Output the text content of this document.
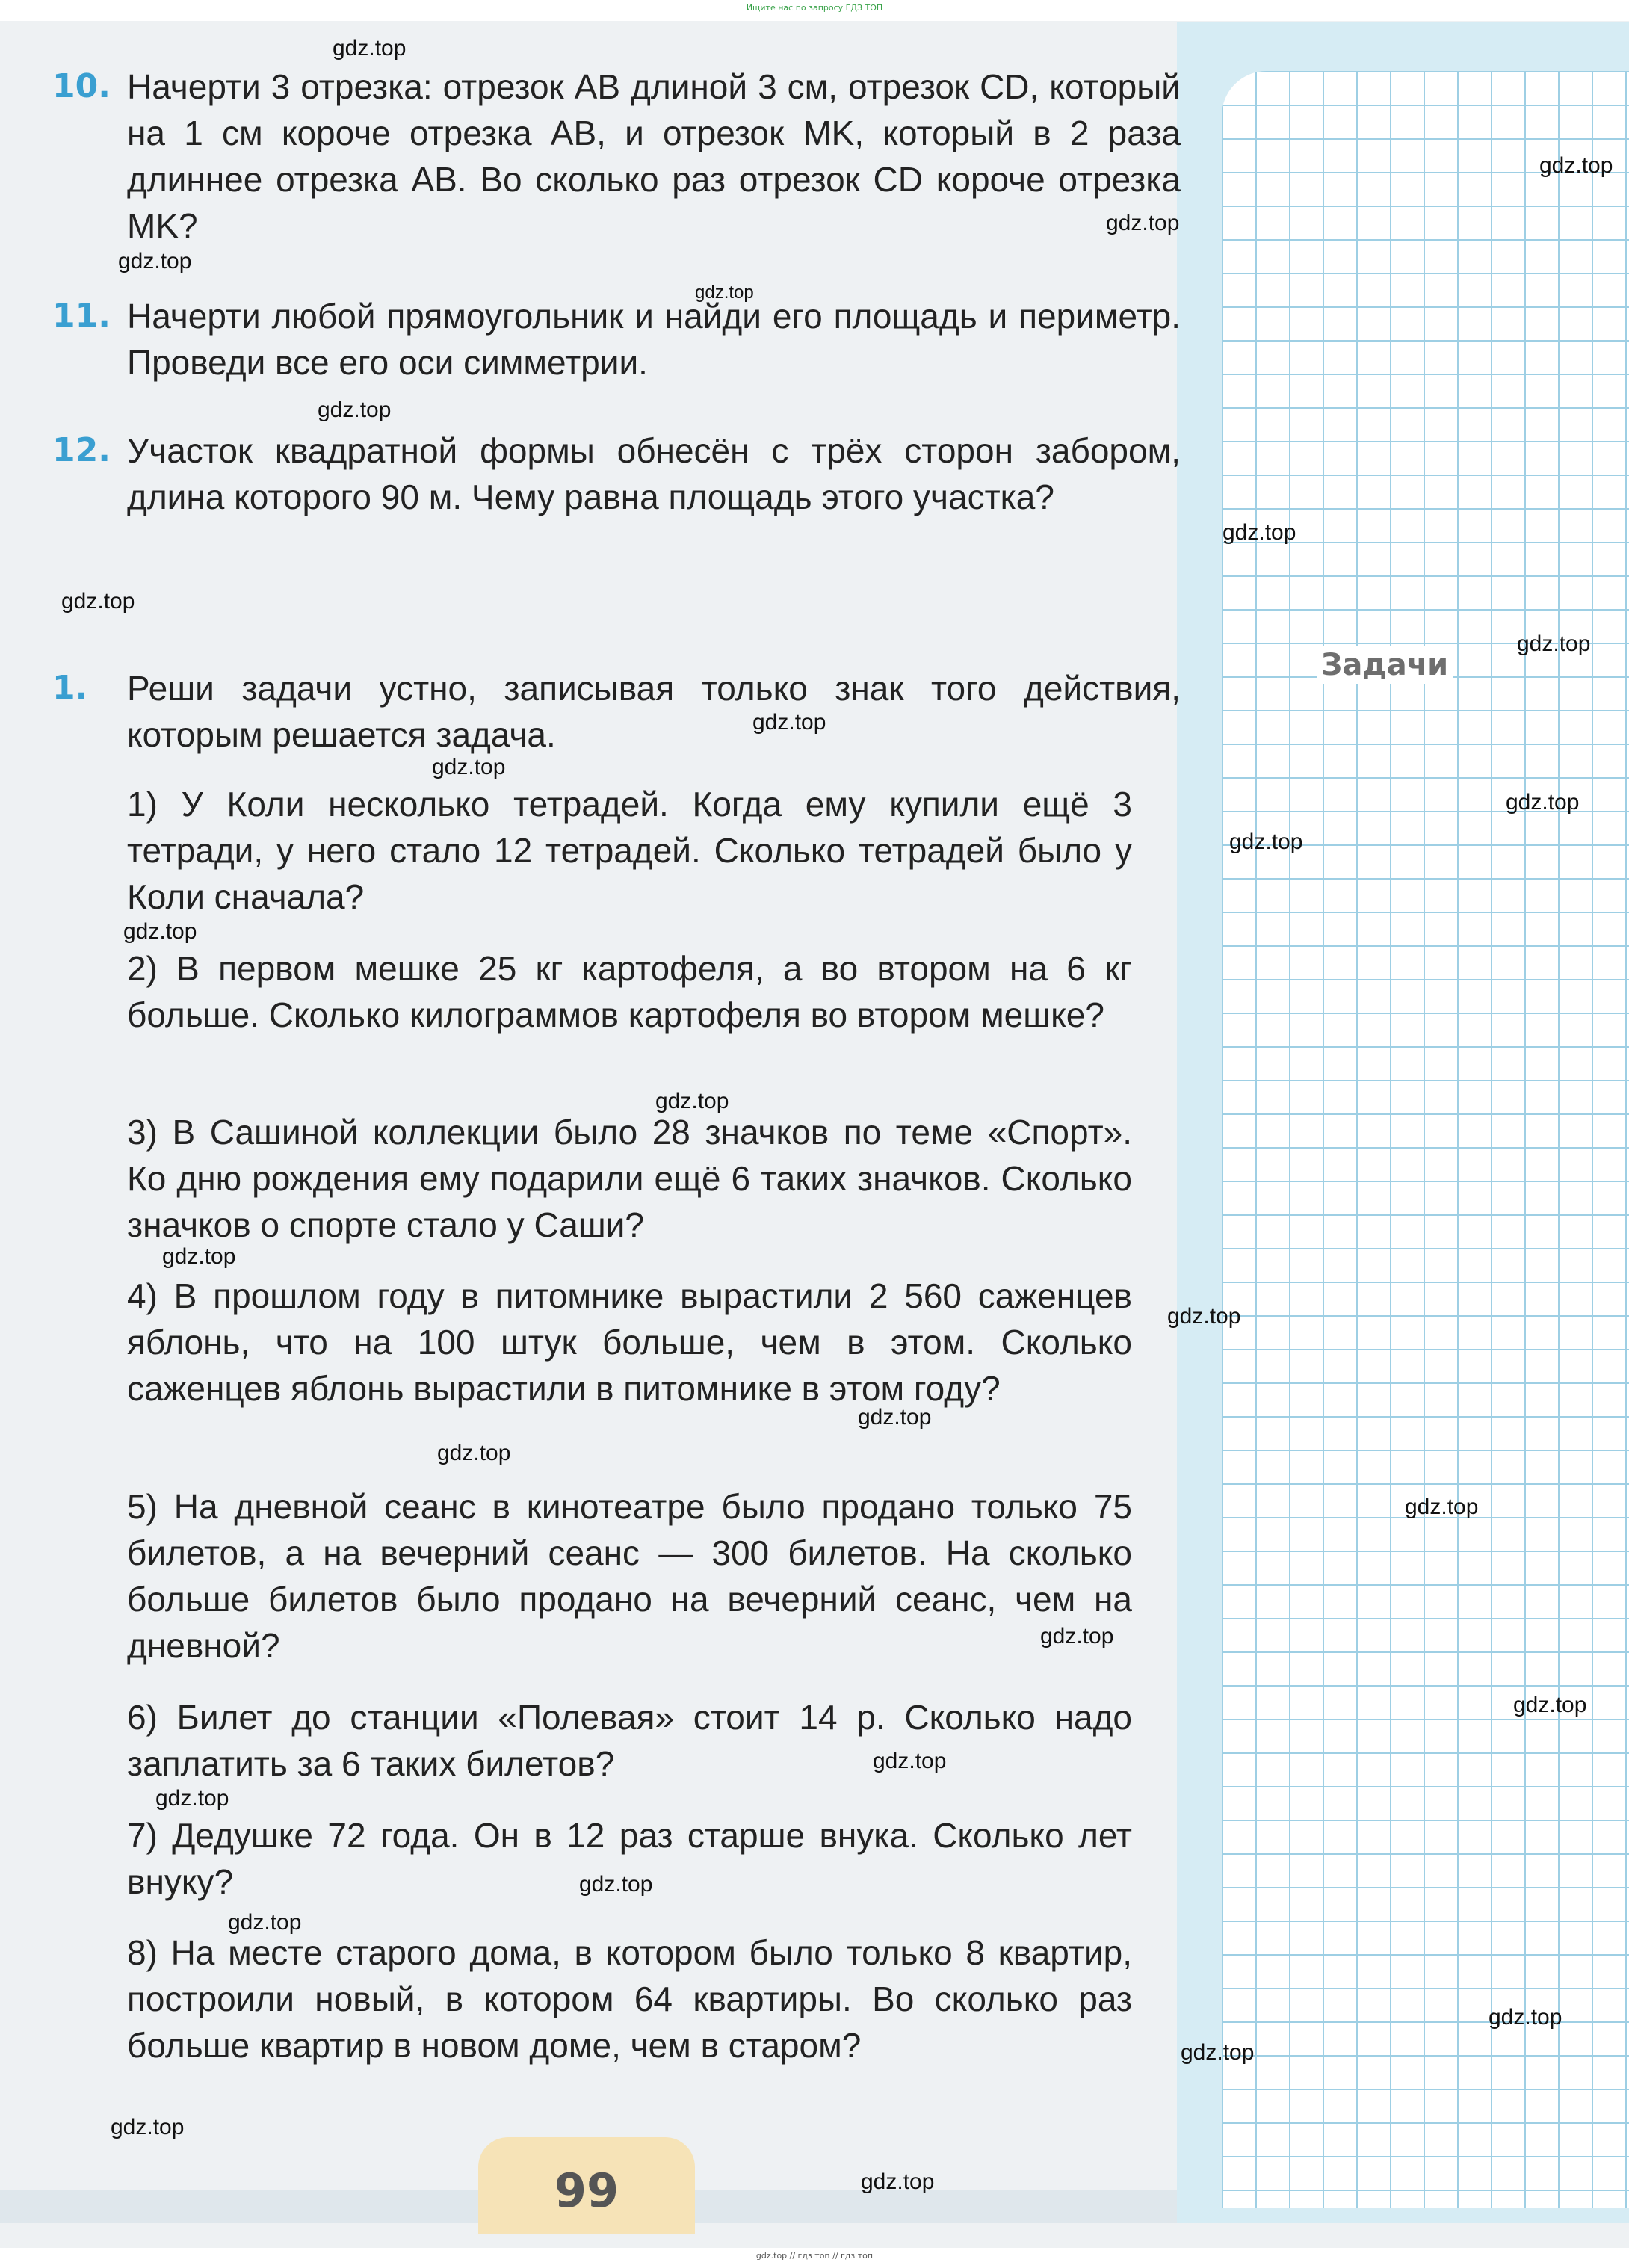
Ищите нас по запросу ГДЗ ТОП
Задачи
10. Начерти 3 отрезка: отрезок AB длиной 3 см, отрезок CD, который на 1 см короче отрезка AB, и отрезок MK, который в 2 раза длиннее отрезка AB. Во сколько раз отрезок CD короче отрезка MK?
11. Начерти любой прямоугольник и найди его площадь и периметр. Проведи все его оси симметрии.
12. Участок квадратной формы обнесён с трёх сторон забором, длина которого 90 м. Чему равна площадь этого участка?
1. Реши задачи устно, записывая только знак того действия, которым решается задача.
1) У Коли несколько тетрадей. Когда ему купили ещё 3 тетради, у него стало 12 тетрадей. Сколько тетрадей было у Коли сначала?
2) В первом мешке 25 кг картофеля, а во втором на 6 кг больше. Сколько килограммов картофеля во втором мешке?
3) В Сашиной коллекции было 28 значков по теме «Спорт». Ко дню рождения ему подарили ещё 6 таких значков. Сколько значков о спорте стало у Саши?
4) В прошлом году в питомнике вырастили 2 560 саженцев яблонь, что на 100 штук больше, чем в этом. Сколько саженцев яблонь вырастили в питомнике в этом году?
5) На дневной сеанс в кинотеатре было продано только 75 билетов, а на вечерний сеанс — 300 билетов. На сколько больше билетов было продано на вечерний сеанс, чем на дневной?
6) Билет до станции «Полевая» стоит 14 р. Сколько надо заплатить за 6 таких билетов?
7) Дедушке 72 года. Он в 12 раз старше внука. Сколько лет внуку?
8) На месте старого дома, в котором было только 8 квартир, построили новый, в котором 64 квартиры. Во сколько раз больше квартир в новом доме, чем в старом?
99
gdz.top
gdz.top
gdz.top
gdz.top
gdz.top
gdz.top
gdz.top
gdz.top
gdz.top
gdz.top
gdz.top
gdz.top
gdz.top
gdz.top
gdz.top
gdz.top
gdz.top
gdz.top
gdz.top
gdz.top
gdz.top
gdz.top
gdz.top
gdz.top
gdz.top
gdz.top
gdz.top
gdz.top
gdz.top
gdz.top
gdz.top // гдз топ // гдз топ
